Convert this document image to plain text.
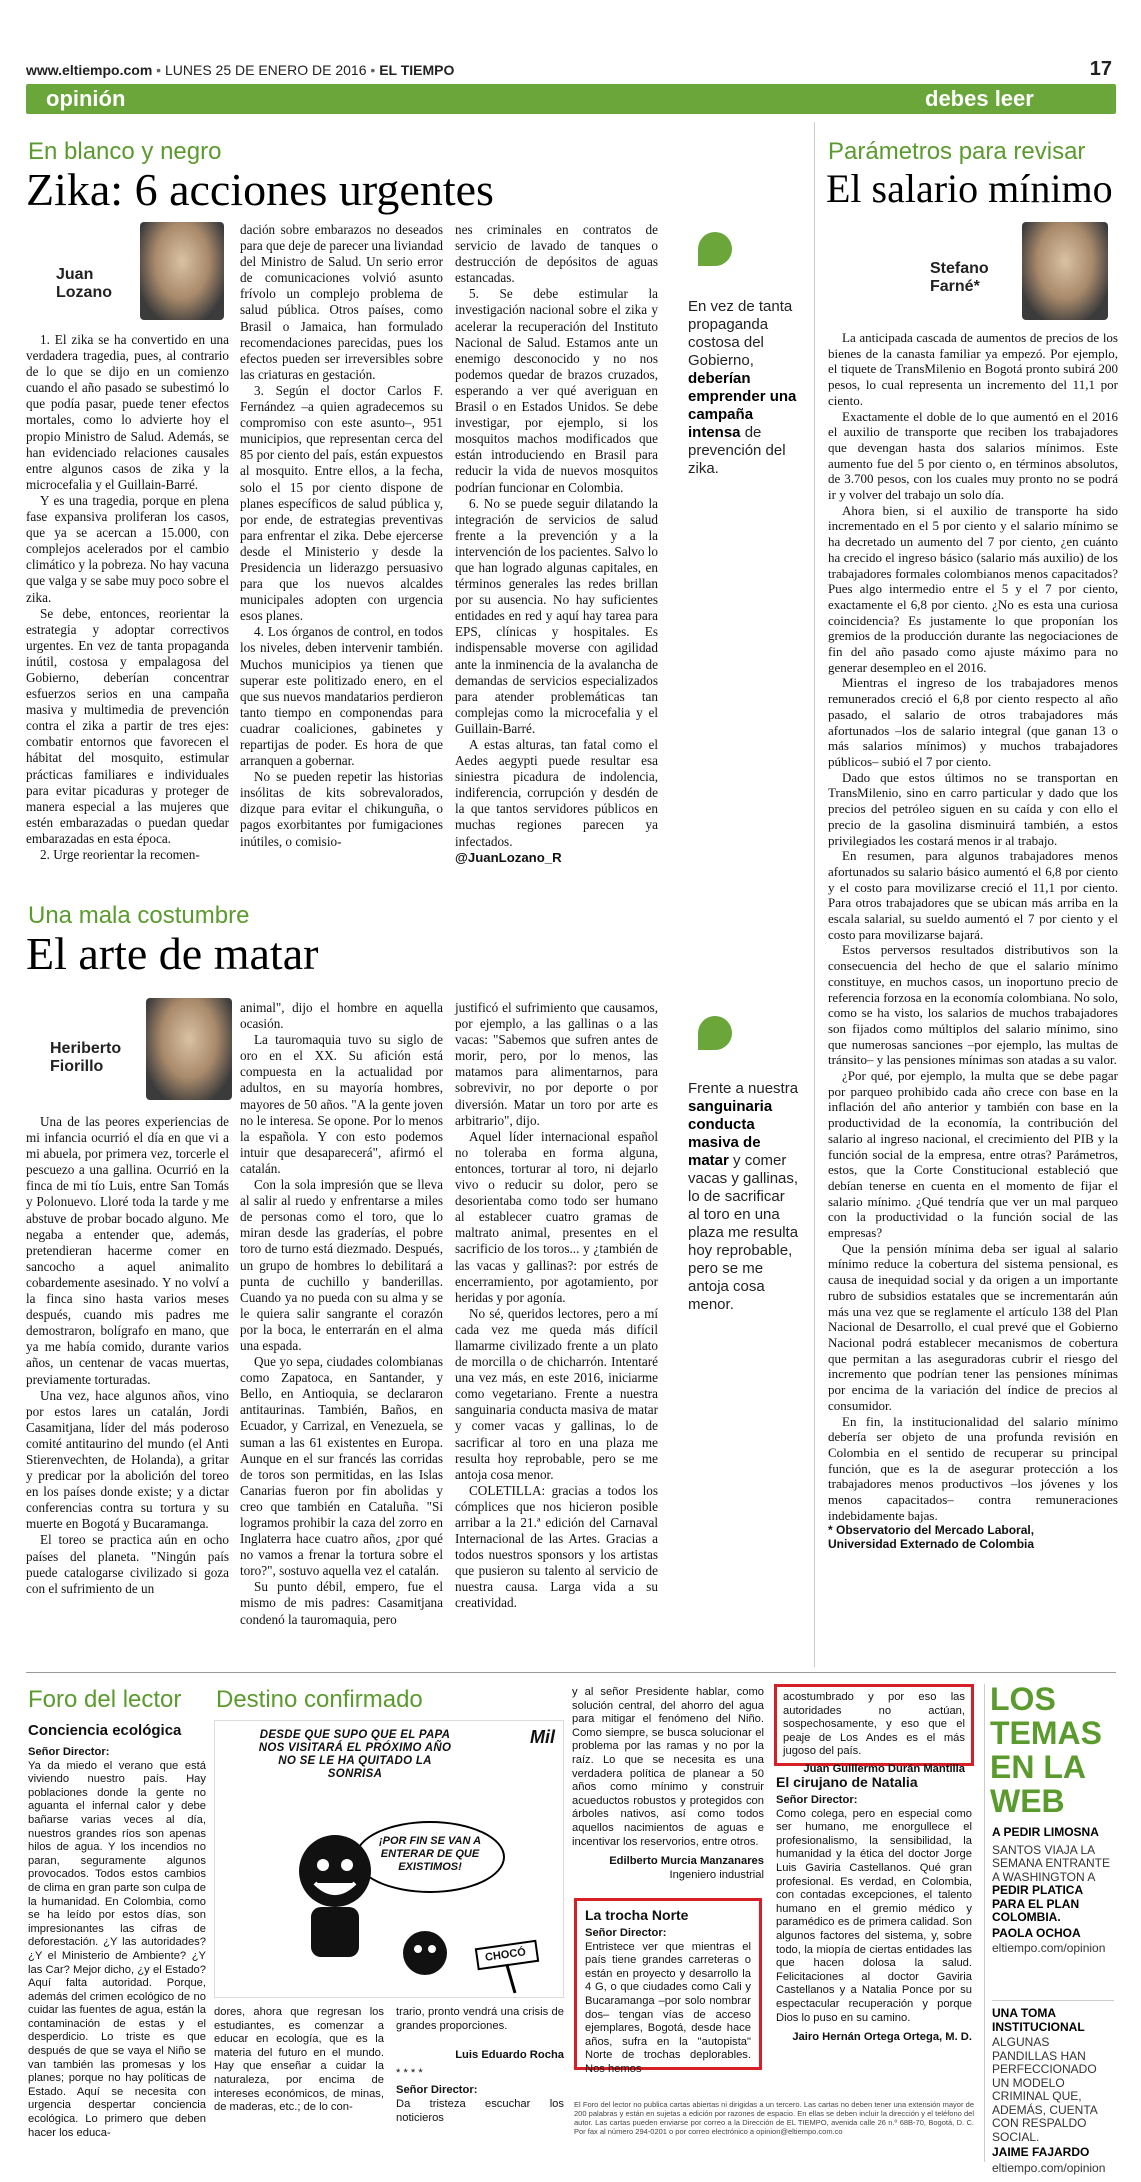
www.eltiempo.com • LUNES 25 DE ENERO DE 2016 • EL TIEMPO	17
opinión	debes leer
En blanco y negro
Zika: 6 acciones urgentes
Juan
Lozano

1. El zika se ha convertido en una verdadera tragedia, pues, al contrario de lo que se dijo en un comienzo cuando el año pasado se subestimó lo que podía pasar, puede tener efectos mortales, como lo advierte hoy el propio Ministro de Salud. Además, se han evidenciado relaciones causales entre algunos casos de zika y la microcefalia y el Guillain-Barré.

Y es una tragedia, porque en plena fase expansiva proliferan los casos, que ya se acercan a 15.000, con complejos acelerados por el cambio climático y la pobreza. No hay vacuna que valga y se sabe muy poco sobre el zika.

Se debe, entonces, reorientar la estrategia y adoptar correctivos urgentes. En vez de tanta propaganda inútil, costosa y empalagosa del Gobierno, deberían concentrar esfuerzos serios en una campaña masiva y multimedia de prevención contra el zika a partir de tres ejes: combatir entornos que favorecen el hábitat del mosquito, estimular prácticas familiares e individuales para evitar picaduras y proteger de manera especial a las mujeres que estén embarazadas o puedan quedar embarazadas en esta época.

2. Urge reorientar la recomen-

dación sobre embarazos no deseados para que deje de parecer una liviandad del Ministro de Salud. Un serio error de comunicaciones volvió asunto frívolo un complejo problema de salud pública. Otros países, como Brasil o Jamaica, han formulado recomendaciones parecidas, pues los efectos pueden ser irreversibles sobre las criaturas en gestación.

3. Según el doctor Carlos F. Fernández –a quien agradecemos su compromiso con este asunto–, 951 municipios, que representan cerca del 85 por ciento del país, están expuestos al mosquito. Entre ellos, a la fecha, solo el 15 por ciento dispone de planes específicos de salud pública y, por ende, de estrategias preventivas para enfrentar el zika. Debe ejercerse desde el Ministerio y desde la Presidencia un liderazgo persuasivo para que los nuevos alcaldes municipales adopten con urgencia esos planes.

4. Los órganos de control, en todos los niveles, deben intervenir también. Muchos municipios ya tienen que superar este politizado enero, en el que sus nuevos mandatarios perdieron tanto tiempo en componendas para cuadrar coaliciones, gabinetes y repartijas de poder. Es hora de que arranquen a gobernar.

No se pueden repetir las historias insólitas de kits sobrevalorados, dizque para evitar el chikunguña, o pagos exorbitantes por fumigaciones inútiles, o comisio-

nes criminales en contratos de servicio de lavado de tanques o destrucción de depósitos de aguas estancadas.

5. Se debe estimular la investigación nacional sobre el zika y acelerar la recuperación del Instituto Nacional de Salud. Estamos ante un enemigo desconocido y no nos podemos quedar de brazos cruzados, esperando a ver qué averiguan en Brasil o en Estados Unidos. Se debe investigar, por ejemplo, si los mosquitos machos modificados que están introduciendo en Brasil para reducir la vida de nuevos mosquitos podrían funcionar en Colombia.

6. No se puede seguir dilatando la integración de servicios de salud frente a la prevención y a la intervención de los pacientes. Salvo lo que han logrado algunas capitales, en términos generales las redes brillan por su ausencia. No hay suficientes entidades en red y aquí hay tarea para EPS, clínicas y hospitales. Es indispensable moverse con agilidad ante la inminencia de la avalancha de demandas de servicios especializados para atender problemáticas tan complejas como la microcefalia y el Guillain-Barré.

A estas alturas, tan fatal como el Aedes aegypti puede resultar esa siniestra picadura de indolencia, indiferencia, corrupción y desdén de la que tantos servidores públicos en muchas regiones parecen ya infectados.

@JuanLozano_R

En vez de tanta propaganda costosa del Gobierno, deberían emprender una campaña intensa de prevención del zika.
Una mala costumbre
El arte de matar
Heriberto
Fiorillo

Una de las peores experiencias de mi infancia ocurrió el día en que vi a mi abuela, por primera vez, torcerle el pescuezo a una gallina. Ocurrió en la finca de mi tío Luis, entre San Tomás y Polonuevo. Lloré toda la tarde y me abstuve de probar bocado alguno. Me negaba a entender que, además, pretendieran hacerme comer en sancocho a aquel animalito cobardemente asesinado. Y no volví a la finca sino hasta varios meses después, cuando mis padres me demostraron, bolígrafo en mano, que ya me había comido, durante varios años, un centenar de vacas muertas, previamente torturadas.

Una vez, hace algunos años, vino por estos lares un catalán, Jordi Casamitjana, líder del más poderoso comité antitaurino del mundo (el Anti Stierenvechten, de Holanda), a gritar y predicar por la abolición del toreo en los países donde existe; y a dictar conferencias contra su tortura y su muerte en Bogotá y Bucaramanga.

El toreo se practica aún en ocho países del planeta. "Ningún país puede catalogarse civilizado si goza con el sufrimiento de un

animal", dijo el hombre en aquella ocasión.

La tauromaquia tuvo su siglo de oro en el XX. Su afición está compuesta en la actualidad por adultos, en su mayoría hombres, mayores de 50 años. "A la gente joven no le interesa. Se opone. Por lo menos la española. Y con esto podemos intuir que desaparecerá", afirmó el catalán.

Con la sola impresión que se lleva al salir al ruedo y enfrentarse a miles de personas como el toro, que lo miran desde las graderías, el pobre toro de turno está diezmado. Después, un grupo de hombres lo debilitará a punta de cuchillo y banderillas. Cuando ya no pueda con su alma y se le quiera salir sangrante el corazón por la boca, le enterrarán en el alma una espada.

Que yo sepa, ciudades colombianas como Zapatoca, en Santander, y Bello, en Antioquia, se declararon antitaurinas. También, Baños, en Ecuador, y Carrizal, en Venezuela, se suman a las 61 existentes en Europa. Aunque en el sur francés las corridas de toros son permitidas, en las Islas Canarias fueron por fin abolidas y creo que también en Cataluña. "Si logramos prohibir la caza del zorro en Inglaterra hace cuatro años, ¿por qué no vamos a frenar la tortura sobre el toro?", sostuvo aquella vez el catalán.

Su punto débil, empero, fue el mismo de mis padres: Casamitjana condenó la tauromaquia, pero

justificó el sufrimiento que causamos, por ejemplo, a las gallinas o a las vacas: "Sabemos que sufren antes de morir, pero, por lo menos, las matamos para alimentarnos, para sobrevivir, no por deporte o por diversión. Matar un toro por arte es arbitrario", dijo.

Aquel líder internacional español no toleraba en forma alguna, entonces, torturar al toro, ni dejarlo vivo o reducir su dolor, pero se desorientaba como todo ser humano al establecer cuatro gramas de maltrato animal, presentes en el sacrificio de los toros... y ¿también de las vacas y gallinas?: por estrés de encerramiento, por agotamiento, por heridas y por agonía.

No sé, queridos lectores, pero a mí cada vez me queda más difícil llamarme civilizado frente a un plato de morcilla o de chicharrón. Intentaré una vez más, en este 2016, iniciarme como vegetariano. Frente a nuestra sanguinaria conducta masiva de matar y comer vacas y gallinas, lo de sacrificar al toro en una plaza me resulta hoy reprobable, pero se me antoja cosa menor.

COLETILLA: gracias a todos los cómplices que nos hicieron posible arribar a la 21.ª edición del Carnaval Internacional de las Artes. Gracias a todos nuestros sponsors y los artistas que pusieron su talento al servicio de nuestra causa. Larga vida a su creatividad.

Frente a nuestra sanguinaria conducta masiva de matar y comer vacas y gallinas, lo de sacrificar al toro en una plaza me resulta hoy reprobable, pero se me antoja cosa menor.
Parámetros para revisar
El salario mínimo
Stefano
Farné*

La anticipada cascada de aumentos de precios de los bienes de la canasta familiar ya empezó. Por ejemplo, el tiquete de TransMilenio en Bogotá pronto subirá 200 pesos, lo cual representa un incremento del 11,1 por ciento.

Exactamente el doble de lo que aumentó en el 2016 el auxilio de transporte que reciben los trabajadores que devengan hasta dos salarios mínimos. Este aumento fue del 5 por ciento o, en términos absolutos, de 3.700 pesos, con los cuales muy pronto no se podrá ir y volver del trabajo un solo día.

Ahora bien, si el auxilio de transporte ha sido incrementado en el 5 por ciento y el salario mínimo se ha decretado un aumento del 7 por ciento, ¿en cuánto ha crecido el ingreso básico (salario más auxilio) de los trabajadores formales colombianos menos capacitados? Pues algo intermedio entre el 5 y el 7 por ciento, exactamente el 6,8 por ciento. ¿No es esta una curiosa coincidencia? Es justamente lo que proponían los gremios de la producción durante las negociaciones de fin del año pasado como ajuste máximo para no generar desempleo en el 2016.

Mientras el ingreso de los trabajadores menos remunerados creció el 6,8 por ciento respecto al año pasado, el salario de otros trabajadores más afortunados –los de salario integral (que ganan 13 o más salarios mínimos) y muchos trabajadores públicos– subió el 7 por ciento.

Dado que estos últimos no se transportan en TransMilenio, sino en carro particular y dado que los precios del petróleo siguen en su caída y con ello el precio de la gasolina disminuirá también, a estos privilegiados les costará menos ir al trabajo.

En resumen, para algunos trabajadores menos afortunados su salario básico aumentó el 6,8 por ciento y el costo para movilizarse creció el 11,1 por ciento. Para otros trabajadores que se ubican más arriba en la escala salarial, su sueldo aumentó el 7 por ciento y el costo para movilizarse bajará.

Estos perversos resultados distributivos son la consecuencia del hecho de que el salario mínimo constituye, en muchos casos, un inoportuno precio de referencia forzosa en la economía colombiana. No solo, como se ha visto, los salarios de muchos trabajadores son fijados como múltiplos del salario mínimo, sino que numerosas sanciones –por ejemplo, las multas de tránsito– y las pensiones mínimas son atadas a su valor.

¿Por qué, por ejemplo, la multa que se debe pagar por parqueo prohibido cada año crece con base en la inflación del año anterior y también con base en la productividad de la economía, la contribución del salario al ingreso nacional, el crecimiento del PIB y la función social de la empresa, entre otras? Parámetros, estos, que la Corte Constitucional estableció que debían tenerse en cuenta en el momento de fijar el salario mínimo. ¿Qué tendría que ver un mal parqueo con la productividad o la función social de las empresas?

Que la pensión mínima deba ser igual al salario mínimo reduce la cobertura del sistema pensional, es causa de inequidad social y da origen a un importante rubro de subsidios estatales que se incrementarán aún más una vez que se reglamente el artículo 138 del Plan Nacional de Desarrollo, el cual prevé que el Gobierno Nacional podrá establecer mecanismos de cobertura que permitan a las aseguradoras cubrir el riesgo del incremento que podrían tener las pensiones mínimas por encima de la variación del índice de precios al consumidor.

En fin, la institucionalidad del salario mínimo debería ser objeto de una profunda revisión en Colombia en el sentido de recuperar su principal función, que es la de asegurar protección a los trabajadores menos productivos –los jóvenes y los menos capacitados– contra remuneraciones indebidamente bajas.

* Observatorio del Mercado Laboral,
Universidad Externado de Colombia

Foro del lector
Conciencia ecológica
Señor Director:
Ya da miedo el verano que está viviendo nuestro país. Hay poblaciones donde la gente no aguanta el infernal calor y debe bañarse varias veces al día, nuestros grandes ríos son apenas hilos de agua. Y los incendios no paran, seguramente algunos provocados. Todos estos cambios de clima en gran parte son culpa de la humanidad. En Colombia, como se ha leído por estos días, son impresionantes las cifras de deforestación. ¿Y las autoridades? ¿Y el Ministerio de Ambiente? ¿Y las Car? Mejor dicho, ¿y el Estado? Aquí falta autoridad. Porque, además del crimen ecológico de no cuidar las fuentes de agua, están la contaminación de estas y el desperdicio. Lo triste es que después de que se vaya el Niño se van también las promesas y los planes; porque no hay políticas de Estado. Aquí se necesita con urgencia despertar conciencia ecológica. Lo primero que deben hacer los educa-
Destino confirmado
DESDE QUE SUPO QUE EL PAPA NOS VISITARÁ EL PRÓXIMO AÑO NO SE LE HA QUITADO LA SONRISA
Mil
¡POR FIN SE VAN A ENTERAR DE QUE EXISTIMOS!
CHOCÓ
dores, ahora que regresan los estudiantes, es comenzar a educar en ecología, que es la materia del futuro en el mundo. Hay que enseñar a cuidar la naturaleza, por encima de intereses económicos, de minas, de maderas, etc.; de lo con-
trario, pronto vendrá una crisis de grandes proporciones.
Luis Eduardo Rocha
* * * *
Señor Director:
Da tristeza escuchar los noticieros
y al señor Presidente hablar, como solución central, del ahorro del agua para mitigar el fenómeno del Niño. Como siempre, se busca solucionar el problema por las ramas y no por la raíz. Lo que se necesita es una verdadera política de planear a 50 años como mínimo y construir acueductos robustos y protegidos con árboles nativos, así como todos aquellos nacimientos de aguas e incentivar los reservorios, entre otros.
Edilberto Murcia Manzanares
Ingeniero industrial
La trocha Norte
Señor Director:
Entristece ver que mientras el país tiene grandes carreteras o están en proyecto y desarrollo la 4 G, o que ciudades como Cali y Bucaramanga –por solo nombrar dos– tengan vías de acceso ejemplares, Bogotá, desde hace años, sufra en la "autopista" Norte de trochas deplorables. Nos hemos
acostumbrado y por eso las autoridades no actúan, sospechosamente, y eso que el peaje de Los Andes es el más jugoso del país.
Juan Guillermo Durán Mantilla
El cirujano de Natalia
Señor Director:
Como colega, pero en especial como ser humano, me enorgullece el profesionalismo, la sensibilidad, la humanidad y la ética del doctor Jorge Luis Gaviria Castellanos. Qué gran profesional. Es verdad, en Colombia, con contadas excepciones, el talento humano en el gremio médico y paramédico es de primera calidad. Son algunos factores del sistema, y, sobre todo, la miopía de ciertas entidades las que hacen dolosa la salud. Felicitaciones al doctor Gaviria Castellanos y a Natalia Ponce por su espectacular recuperación y porque Dios lo puso en su camino.
Jairo Hernán Ortega Ortega, M. D.
El Foro del lector no publica cartas abiertas ni dirigidas a un tercero. Las cartas no deben tener una extensión mayor de 200 palabras y están en sujetas a edición por razones de espacio. En ellas se deben incluir la dirección y el teléfono del autor. Las cartas pueden enviarse por correo a la Dirección de EL TIEMPO, avenida calle 26 n.º 68B-70, Bogotá, D. C. Por fax al número 294-0201 o por correo electrónico a opinion@eltiempo.com.co
LOS
TEMAS
EN LA
WEB
A PEDIR LIMOSNA
SANTOS VIAJA LA SEMANA ENTRANTE A WASHINGTON A
PEDIR PLATICA PARA EL PLAN COLOMBIA.
PAOLA OCHOA
eltiempo.com/opinion
UNA TOMA INSTITUCIONAL
ALGUNAS PANDILLAS HAN PERFECCIONADO UN MODELO CRIMINAL QUE, ADEMÁS, CUENTA CON RESPALDO SOCIAL.
JAIME FAJARDO
eltiempo.com/opinion
